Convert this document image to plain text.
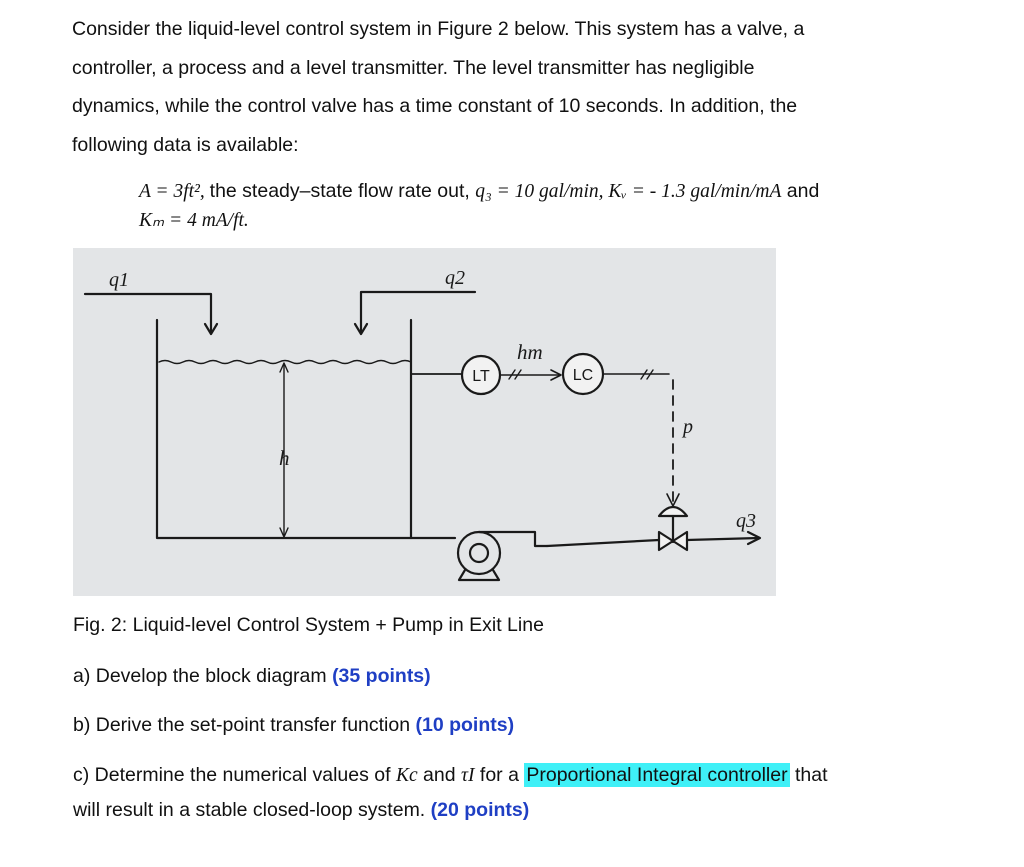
Consider the liquid-level control system in Figure 2 below. This system has a valve, a
controller, a process and a level transmitter. The level transmitter has negligible
dynamics, while the control valve has a time constant of 10 seconds. In addition, the
following data is available:
A = 3ft², the steady–state flow rate out, q₃ = 10 gal/min, Kᵥ = - 1.3 gal/min/mA and
Kₘ = 4 mA/ft.
q1	q2
h
hm
p
q3
LT	LC

Fig. 2: Liquid-level Control System + Pump in Exit Line

a) Develop the block diagram (35 points)

b) Derive the set-point transfer function (10 points)

c) Determine the numerical values of Kc and τI for a Proportional Integral controller that
will result in a stable closed-loop system. (20 points)
